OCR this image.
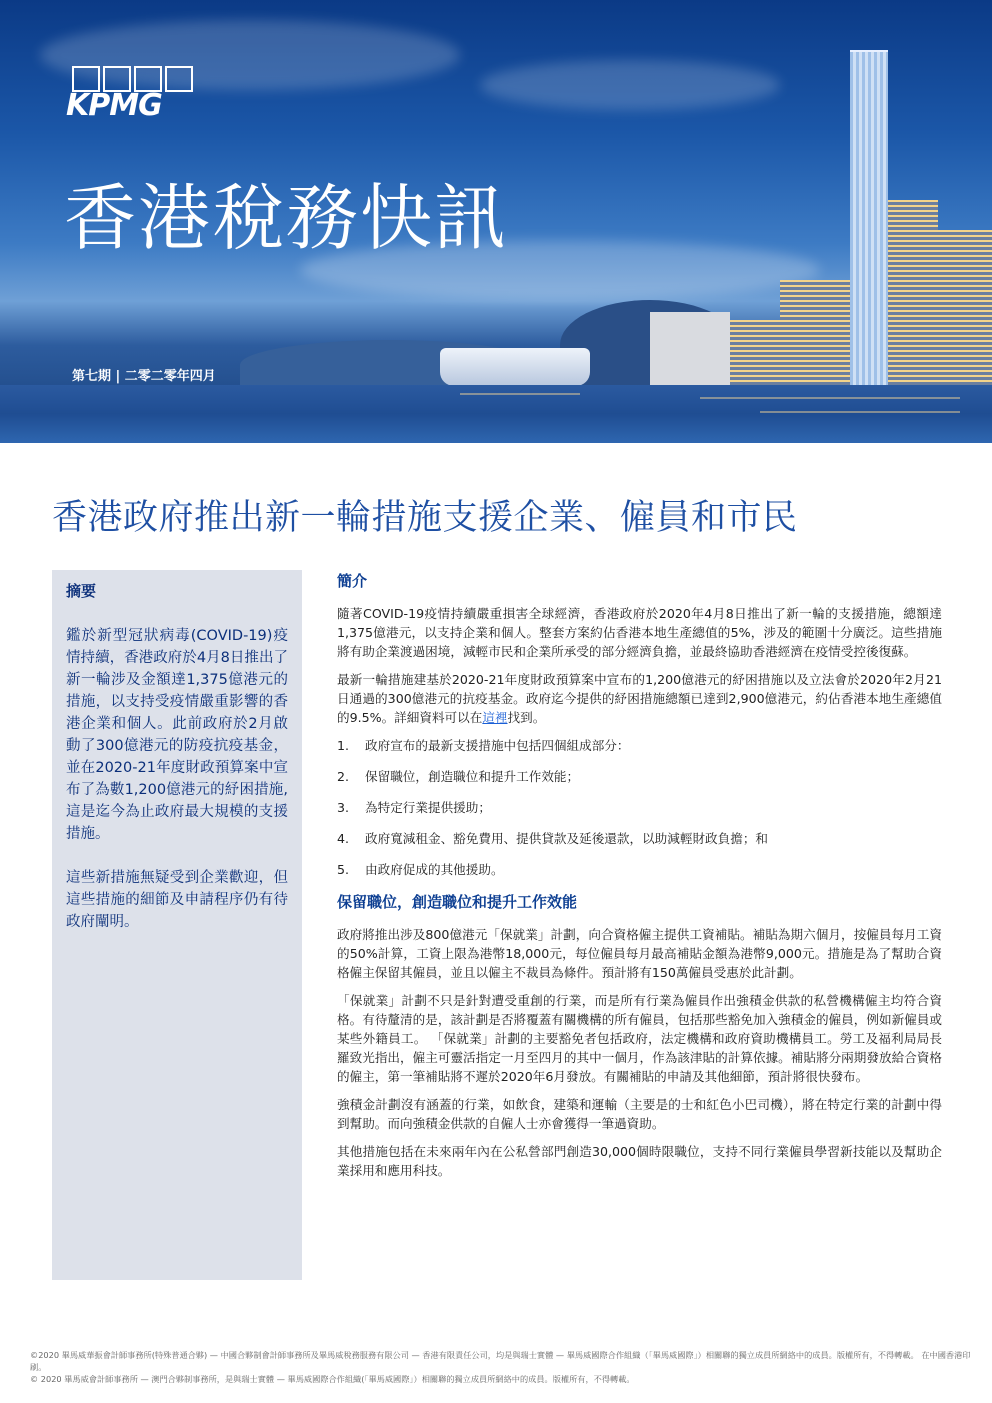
KPMG
香港稅務快訊
第七期 | 二零二零年四月
香港政府推出新一輪措施支援企業、僱員和市民
摘要
鑑於新型冠狀病毒(COVID-19)疫情持續，香港政府於4月8日推出了新一輪涉及金額達1,375億港元的措施，以支持受疫情嚴重影響的香港企業和個人。此前政府於2月啟動了300億港元的防疫抗疫基金，並在2020-21年度財政預算案中宣布了為數1,200億港元的紓困措施,這是迄今為止政府最大規模的支援措施。
這些新措施無疑受到企業歡迎，但這些措施的細節及申請程序仍有待政府闡明。
簡介
隨著COVID-19疫情持續嚴重損害全球經濟，香港政府於2020年4月8日推出了新一輪的支援措施，總額達1,375億港元，以支持企業和個人。整套方案約佔香港本地生產總值的5%，涉及的範圍十分廣泛。這些措施將有助企業渡過困境，減輕市民和企業所承受的部分經濟負擔，並最終協助香港經濟在疫情受控後復蘇。
最新一輪措施建基於2020-21年度財政預算案中宣布的1,200億港元的紓困措施以及立法會於2020年2月21日通過的300億港元的抗疫基金。政府迄今提供的紓困措施總額已達到2,900億港元，約佔香港本地生產總值的9.5%。詳細資料可以在這裡找到。
1.	政府宣布的最新支援措施中包括四個組成部分：
2.	保留職位，創造職位和提升工作效能；
3.	為特定行業提供援助；
4.	政府寬減租金、豁免費用、提供貸款及延後還款，以助減輕財政負擔；和
5.	由政府促成的其他援助。
保留職位，創造職位和提升工作效能
政府將推出涉及800億港元「保就業」計劃，向合資格僱主提供工資補貼。補貼為期六個月，按僱員每月工資的50%計算，工資上限為港幣18,000元，每位僱員每月最高補貼金額為港幣9,000元。措施是為了幫助合資格僱主保留其僱員，並且以僱主不裁員為條件。預計將有150萬僱員受惠於此計劃。
「保就業」計劃不只是針對遭受重創的行業，而是所有行業為僱員作出強積金供款的私營機構僱主均符合資格。有待釐清的是，該計劃是否將覆蓋有關機構的所有僱員，包括那些豁免加入強積金的僱員，例如新僱員或某些外籍員工。 「保就業」計劃的主要豁免者包括政府，法定機構和政府資助機構員工。勞工及福利局局長羅致光指出，僱主可靈活指定一月至四月的其中一個月，作為該津貼的計算依據。補貼將分兩期發放給合資格的僱主，第一筆補貼將不遲於2020年6月發放。有關補貼的申請及其他細節，預計將很快發布。
強積金計劃沒有涵蓋的行業，如飲食，建築和運輸（主要是的士和紅色小巴司機），將在特定行業的計劃中得到幫助。而向強積金供款的自僱人士亦會獲得一筆過資助。
其他措施包括在未來兩年內在公私營部門創造30,000個時限職位，支持不同行業僱員學習新技能以及幫助企業採用和應用科技。
©2020 畢馬威華振會計師事務所(特殊普通合夥) — 中國合夥制會計師事務所及畢馬威稅務服務有限公司 — 香港有限責任公司，均是與瑞士實體 — 畢馬威國際合作組織（「畢馬威國際」）相關聯的獨立成員所網絡中的成員。版權所有，不得轉載。 在中國香港印刷。
© 2020 畢馬威會計師事務所 — 澳門合夥制事務所，是與瑞士實體 — 畢馬威國際合作組織(「畢馬威國際」）相關聯的獨立成員所網絡中的成員。版權所有，不得轉載。
